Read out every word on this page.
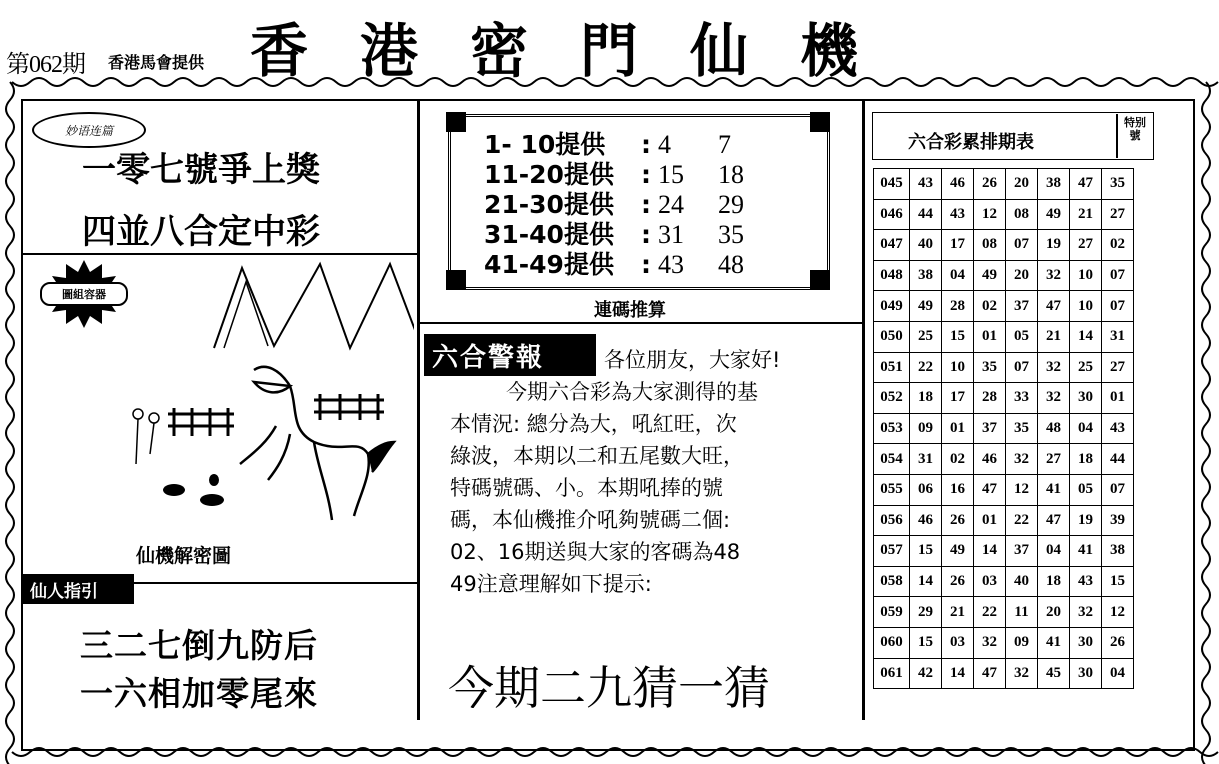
第062期 香港馬會提供 香港密門仙機
妙语连篇
一零七號爭上獎
四並八合定中彩
圖組容器
仙機解密圖
仙人指引
三二七倒九防后
一六相加零尾來
1- 10提供	: 4	7
11-20提供	: 15	18
21-30提供	: 24	29
31-40提供	: 31	35
41-49提供	: 43	48
連碼推算
六合警報	各位朋友，大家好!
今期六合彩為大家測得的基
本情況: 總分為大，吼紅旺，次
綠波，本期以二和五尾數大旺，
特碼號碼、小。本期吼捧的號
碼，本仙機推介吼夠號碼二個:
02、16期送與大家的客碼為48
49注意理解如下提示:
今期二九猜一猜
六合彩累排期表
特别號
045	43	46	26	20	38	47	35
046	44	43	12	08	49	21	27
047	40	17	08	07	19	27	02
048	38	04	49	20	32	10	07
049	49	28	02	37	47	10	07
050	25	15	01	05	21	14	31
051	22	10	35	07	32	25	27
052	18	17	28	33	32	30	01
053	09	01	37	35	48	04	43
054	31	02	46	32	27	18	44
055	06	16	47	12	41	05	07
056	46	26	01	22	47	19	39
057	15	49	14	37	04	41	38
058	14	26	03	40	18	43	15
059	29	21	22	11	20	32	12
060	15	03	32	09	41	30	26
061	42	14	47	32	45	30	04
